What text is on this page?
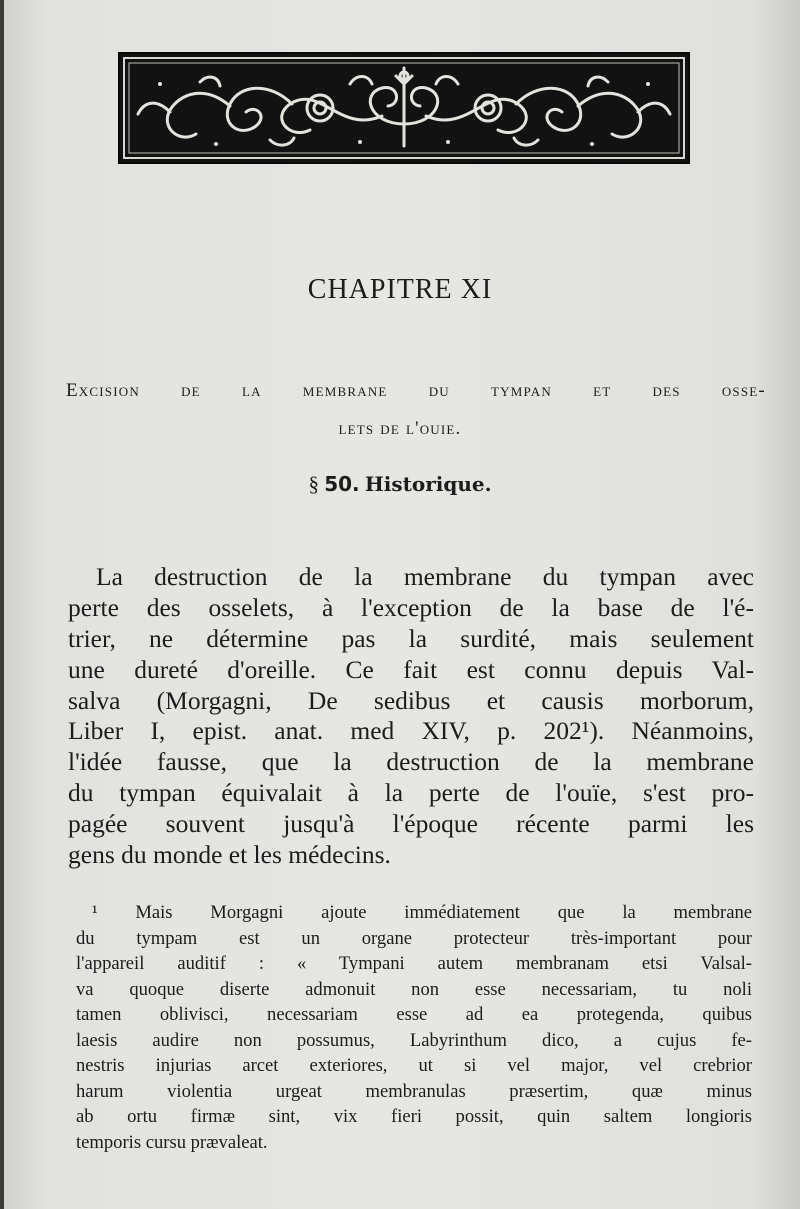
CHAPITRE XI
Excision de la membrane du tympan et des osse-
lets de l'ouie.
§ 50. Historique.
La destruction de la membrane du tympan avec
perte des osselets, à l'exception de la base de l'é-
trier, ne détermine pas la surdité, mais seulement
une dureté d'oreille. Ce fait est connu depuis Val-
salva (Morgagni, De sedibus et causis morborum,
Liber I, epist. anat. med XIV, p. 202¹). Néanmoins,
l'idée fausse, que la destruction de la membrane
du tympan équivalait à la perte de l'ouïe, s'est pro-
pagée souvent jusqu'à l'époque récente parmi les
gens du monde et les médecins.
¹ Mais Morgagni ajoute immédiatement que la membrane
du tympam est un organe protecteur très-important pour
l'appareil auditif : « Tympani autem membranam etsi Valsal-
va quoque diserte admonuit non esse necessariam, tu noli
tamen oblivisci, necessariam esse ad ea protegenda, quibus
laesis audire non possumus, Labyrinthum dico, a cujus fe-
nestris injurias arcet exteriores, ut si vel major, vel crebrior
harum violentia urgeat membranulas præsertim, quæ minus
ab ortu firmæ sint, vix fieri possit, quin saltem longioris
temporis cursu prævaleat.
